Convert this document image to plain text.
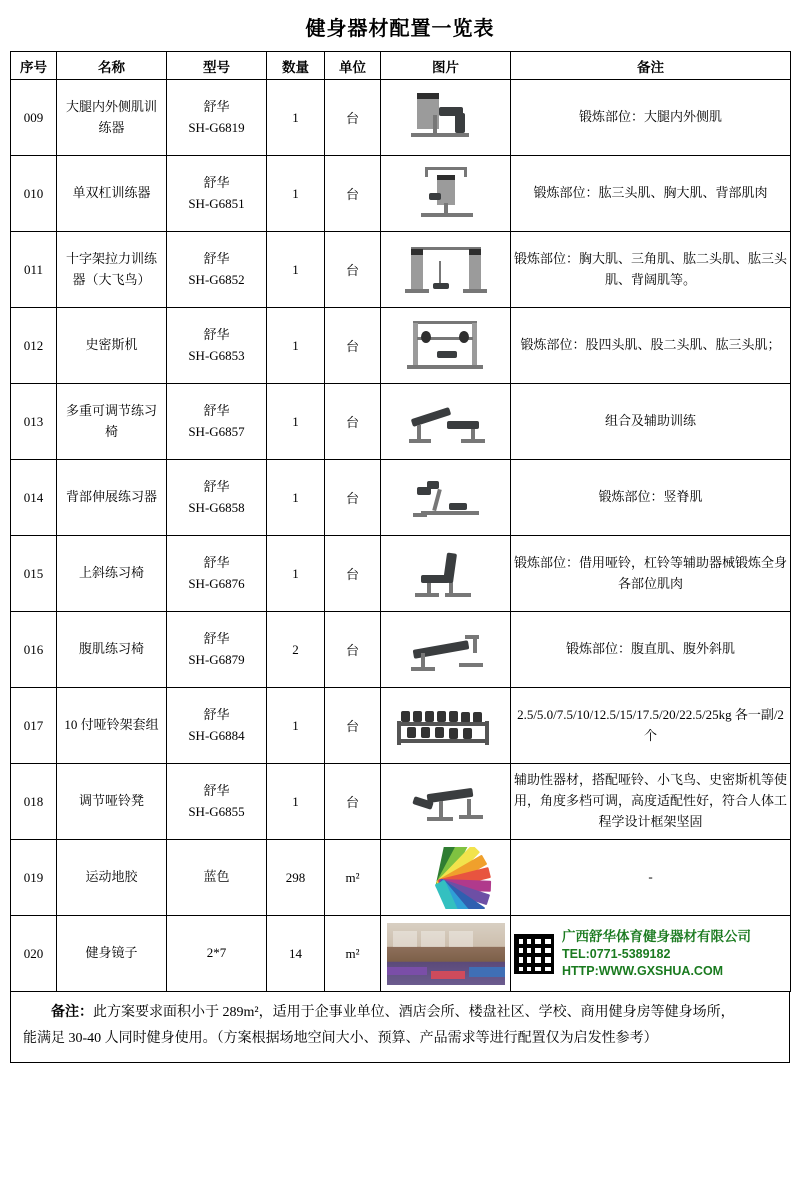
健身器材配置一览表
序号	名称	型号	数量	单位	图片	备注
009	大腿内外侧肌训练器	舒华
SH-G6819	1	台		锻炼部位：大腿内外侧肌
010	单双杠训练器	舒华
SH-G6851	1	台		锻炼部位：肱三头肌、胸大肌、背部肌肉
011	十字架拉力训练器（大飞鸟）	舒华
SH-G6852	1	台		锻炼部位：胸大肌、三角肌、肱二头肌、肱三头肌、背阔肌等。
012	史密斯机	舒华
SH-G6853	1	台		锻炼部位：股四头肌、股二头肌、肱三头肌；
013	多重可调节练习椅	舒华
SH-G6857	1	台		组合及辅助训练
014	背部伸展练习器	舒华
SH-G6858	1	台		锻炼部位：竖脊肌
015	上斜练习椅	舒华
SH-G6876	1	台		锻炼部位：借用哑铃，杠铃等辅助器械锻炼全身各部位肌肉
016	腹肌练习椅	舒华
SH-G6879	2	台		锻炼部位：腹直肌、腹外斜肌
017	10 付哑铃架套组	舒华
SH-G6884	1	台		2.5/5.0/7.5/10/12.5/15/17.5/20/22.5/25kg 各一副/2 个
018	调节哑铃凳	舒华
SH-G6855	1	台		辅助性器材，搭配哑铃、小飞鸟、史密斯机等使用，角度多档可调，高度适配性好，符合人体工程学设计框架坚固
019	运动地胶	蓝色	298	m²		-
020	健身镜子	2*7	14	m²		广西舒华体育健身器材有限公司
TEL:0771-5389182
HTTP:WWW.GXSHUA.COM
备注：此方案要求面积小于 289m²，适用于企事业单位、酒店会所、楼盘社区、学校、商用健身房等健身场所，
能满足 30-40 人同时健身使用。（方案根据场地空间大小、预算、产品需求等进行配置仅为启发性参考）
